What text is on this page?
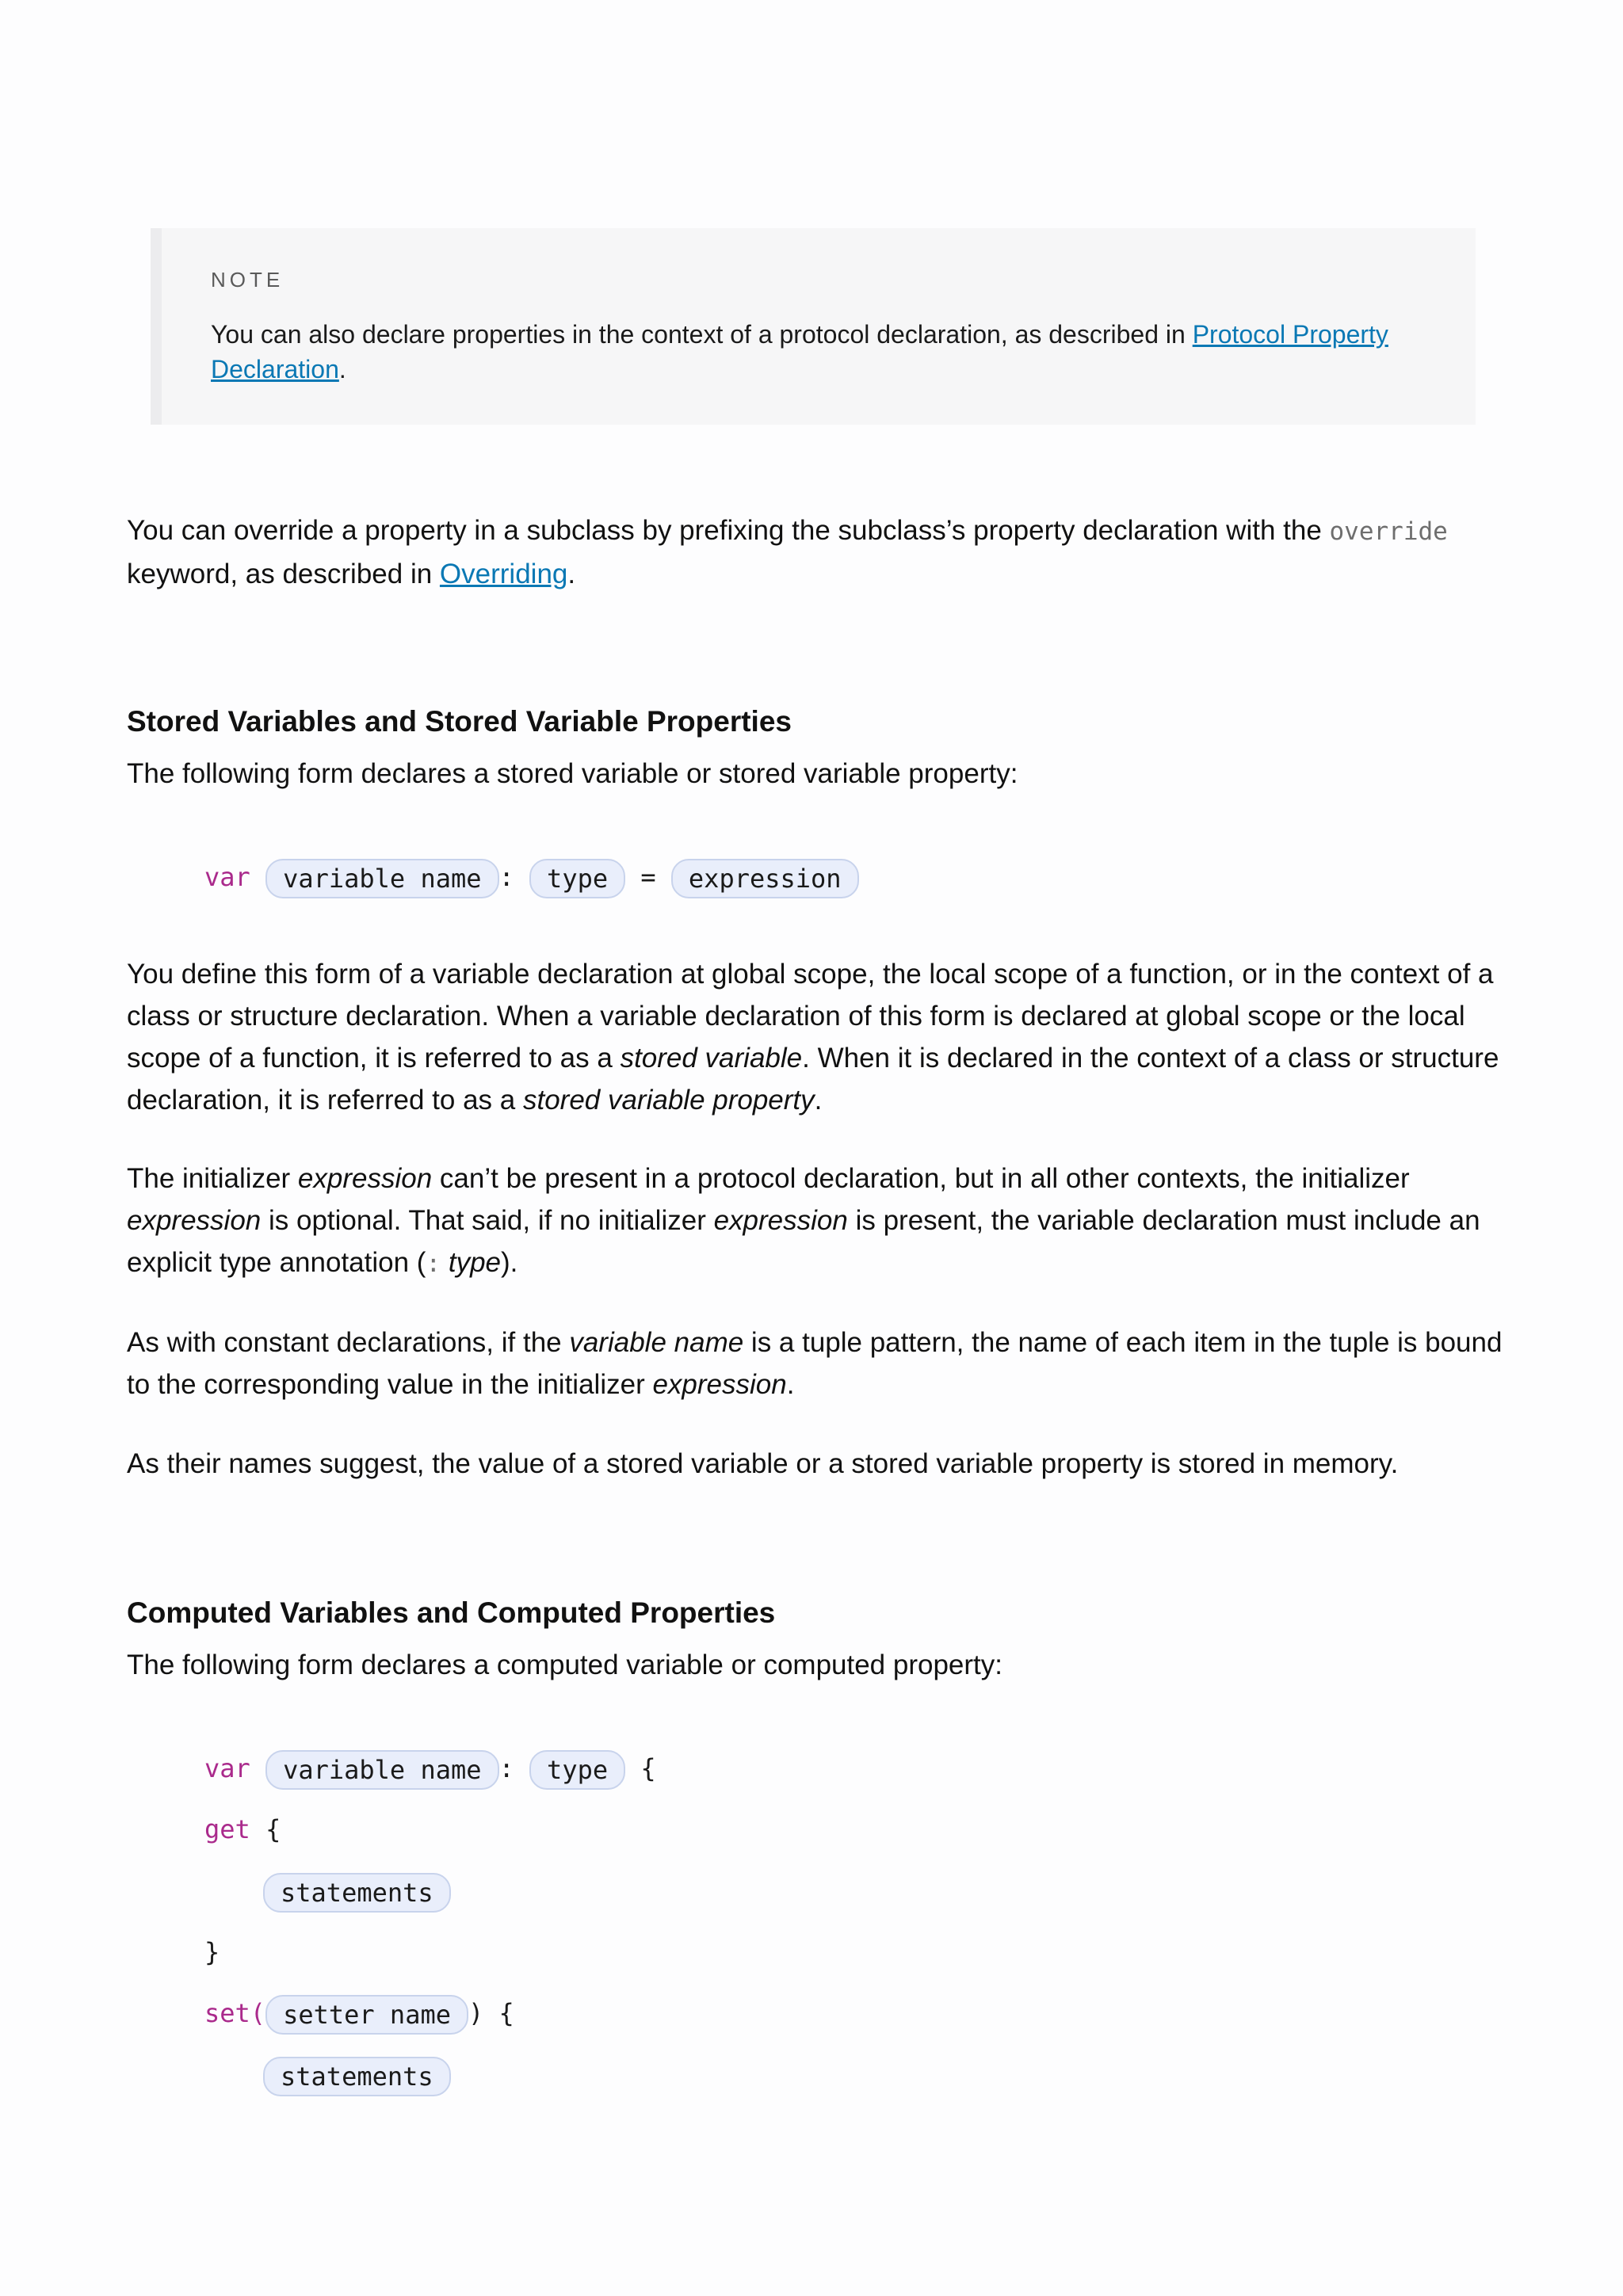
NOTE
You can also declare properties in the context of a protocol declaration, as described in Protocol Property Declaration.
You can override a property in a subclass by prefixing the subclass’s property declaration with the override keyword, as described in Overriding.
Stored Variables and Stored Variable Properties
The following form declares a stored variable or stored variable property:
var variable name : type = expression
You define this form of a variable declaration at global scope, the local scope of a function, or in the context of a class or structure declaration. When a variable declaration of this form is declared at global scope or the local scope of a function, it is referred to as a stored variable. When it is declared in the context of a class or structure declaration, it is referred to as a stored variable property.
The initializer expression can’t be present in a protocol declaration, but in all other contexts, the initializer expression is optional. That said, if no initializer expression is present, the variable declaration must include an explicit type annotation (: type).
As with constant declarations, if the variable name is a tuple pattern, the name of each item in the tuple is bound to the corresponding value in the initializer expression.
As their names suggest, the value of a stored variable or a stored variable property is stored in memory.
Computed Variables and Computed Properties
The following form declares a computed variable or computed property:
var variable name : type {
get {
statements
}
set( setter name ) {
statements
